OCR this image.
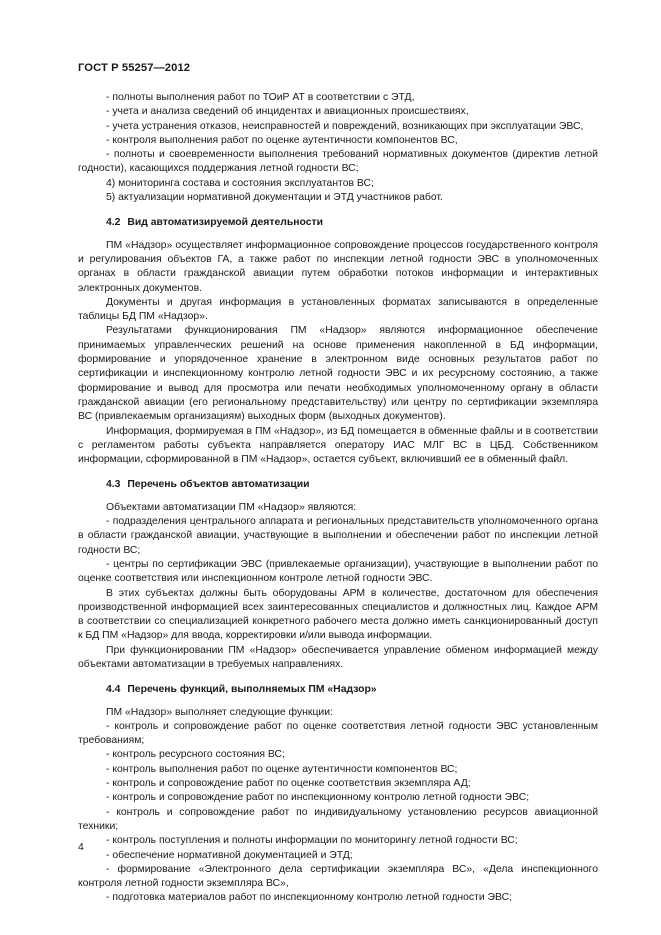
ГОСТ Р 55257—2012

- полноты выполнения работ по ТОиР АТ в соответствии с ЭТД,

- учета и анализа сведений об инцидентах и авиационных происшествиях,

- учета устранения отказов, неисправностей и повреждений, возникающих при эксплуатации ЭВС,

- контроля выполнения работ по оценке аутентичности компонентов ВС,

- полноты и своевременности выполнения требований нормативных документов (директив летной годности), касающихся поддержания летной годности ВС;

4) мониторинга состава и состояния эксплуатантов ВС;

5) актуализации нормативной документации и ЭТД участников работ.

4.2 Вид автоматизируемой деятельности

ПМ «Надзор» осуществляет информационное сопровождение процессов государственного контроля и регулирования объектов ГА, а также работ по инспекции летной годности ЭВС в уполномоченных органах в области гражданской авиации путем обработки потоков информации и интерактивных электронных документов.

Документы и другая информация в установленных форматах записываются в определенные таблицы БД ПМ «Надзор».

Результатами функционирования ПМ «Надзор» являются информационное обеспечение принимаемых управленческих решений на основе применения накопленной в БД информации, формирование и упорядоченное хранение в электронном виде основных результатов работ по сертификации и инспекционному контролю летной годности ЭВС и их ресурсному состоянию, а также формирование и вывод для просмотра или печати необходимых уполномоченному органу в области гражданской авиации (его региональному представительству) или центру по сертификации экземпляра ВС (привлекаемым организациям) выходных форм (выходных документов).

Информация, формируемая в ПМ «Надзор», из БД помещается в обменные файлы и в соответствии с регламентом работы субъекта направляется оператору ИАС МЛГ ВС в ЦБД. Собственником информации, сформированной в ПМ «Надзор», остается субъект, включивший ее в обменный файл.

4.3 Перечень объектов автоматизации

Объектами автоматизации ПМ «Надзор» являются:

- подразделения центрального аппарата и региональных представительств уполномоченного органа в области гражданской авиации, участвующие в выполнении и обеспечении работ по инспекции летной годности ВС;

- центры по сертификации ЭВС (привлекаемые организации), участвующие в выполнении работ по оценке соответствия или инспекционном контроле летной годности ЭВС.

В этих субъектах должны быть оборудованы АРМ в количестве, достаточном для обеспечения производственной информацией всех заинтересованных специалистов и должностных лиц. Каждое АРМ в соответствии со специализацией конкретного рабочего места должно иметь санкционированный доступ к БД ПМ «Надзор» для ввода, корректировки и/или вывода информации.

При функционировании ПМ «Надзор» обеспечивается управление обменом информацией между объектами автоматизации в требуемых направлениях.

4.4 Перечень функций, выполняемых ПМ «Надзор»

ПМ «Надзор» выполняет следующие функции:

- контроль и сопровождение работ по оценке соответствия летной годности ЭВС установленным требованиям;

- контроль ресурсного состояния ВС;

- контроль выполнения работ по оценке аутентичности компонентов ВС;

- контроль и сопровождение работ по оценке соответствия экземпляра АД;

- контроль и сопровождение работ по инспекционному контролю летной годности ЭВС;

- контроль и сопровождение работ по индивидуальному установлению ресурсов авиационной техники;

- контроль поступления и полноты информации по мониторингу летной годности ВС;

- обеспечение нормативной документацией и ЭТД;

- формирование «Электронного дела сертификации экземпляра ВС», «Дела инспекционного контроля летной годности экземпляра ВС»,

- подготовка материалов работ по инспекционному контролю летной годности ЭВС;

4
